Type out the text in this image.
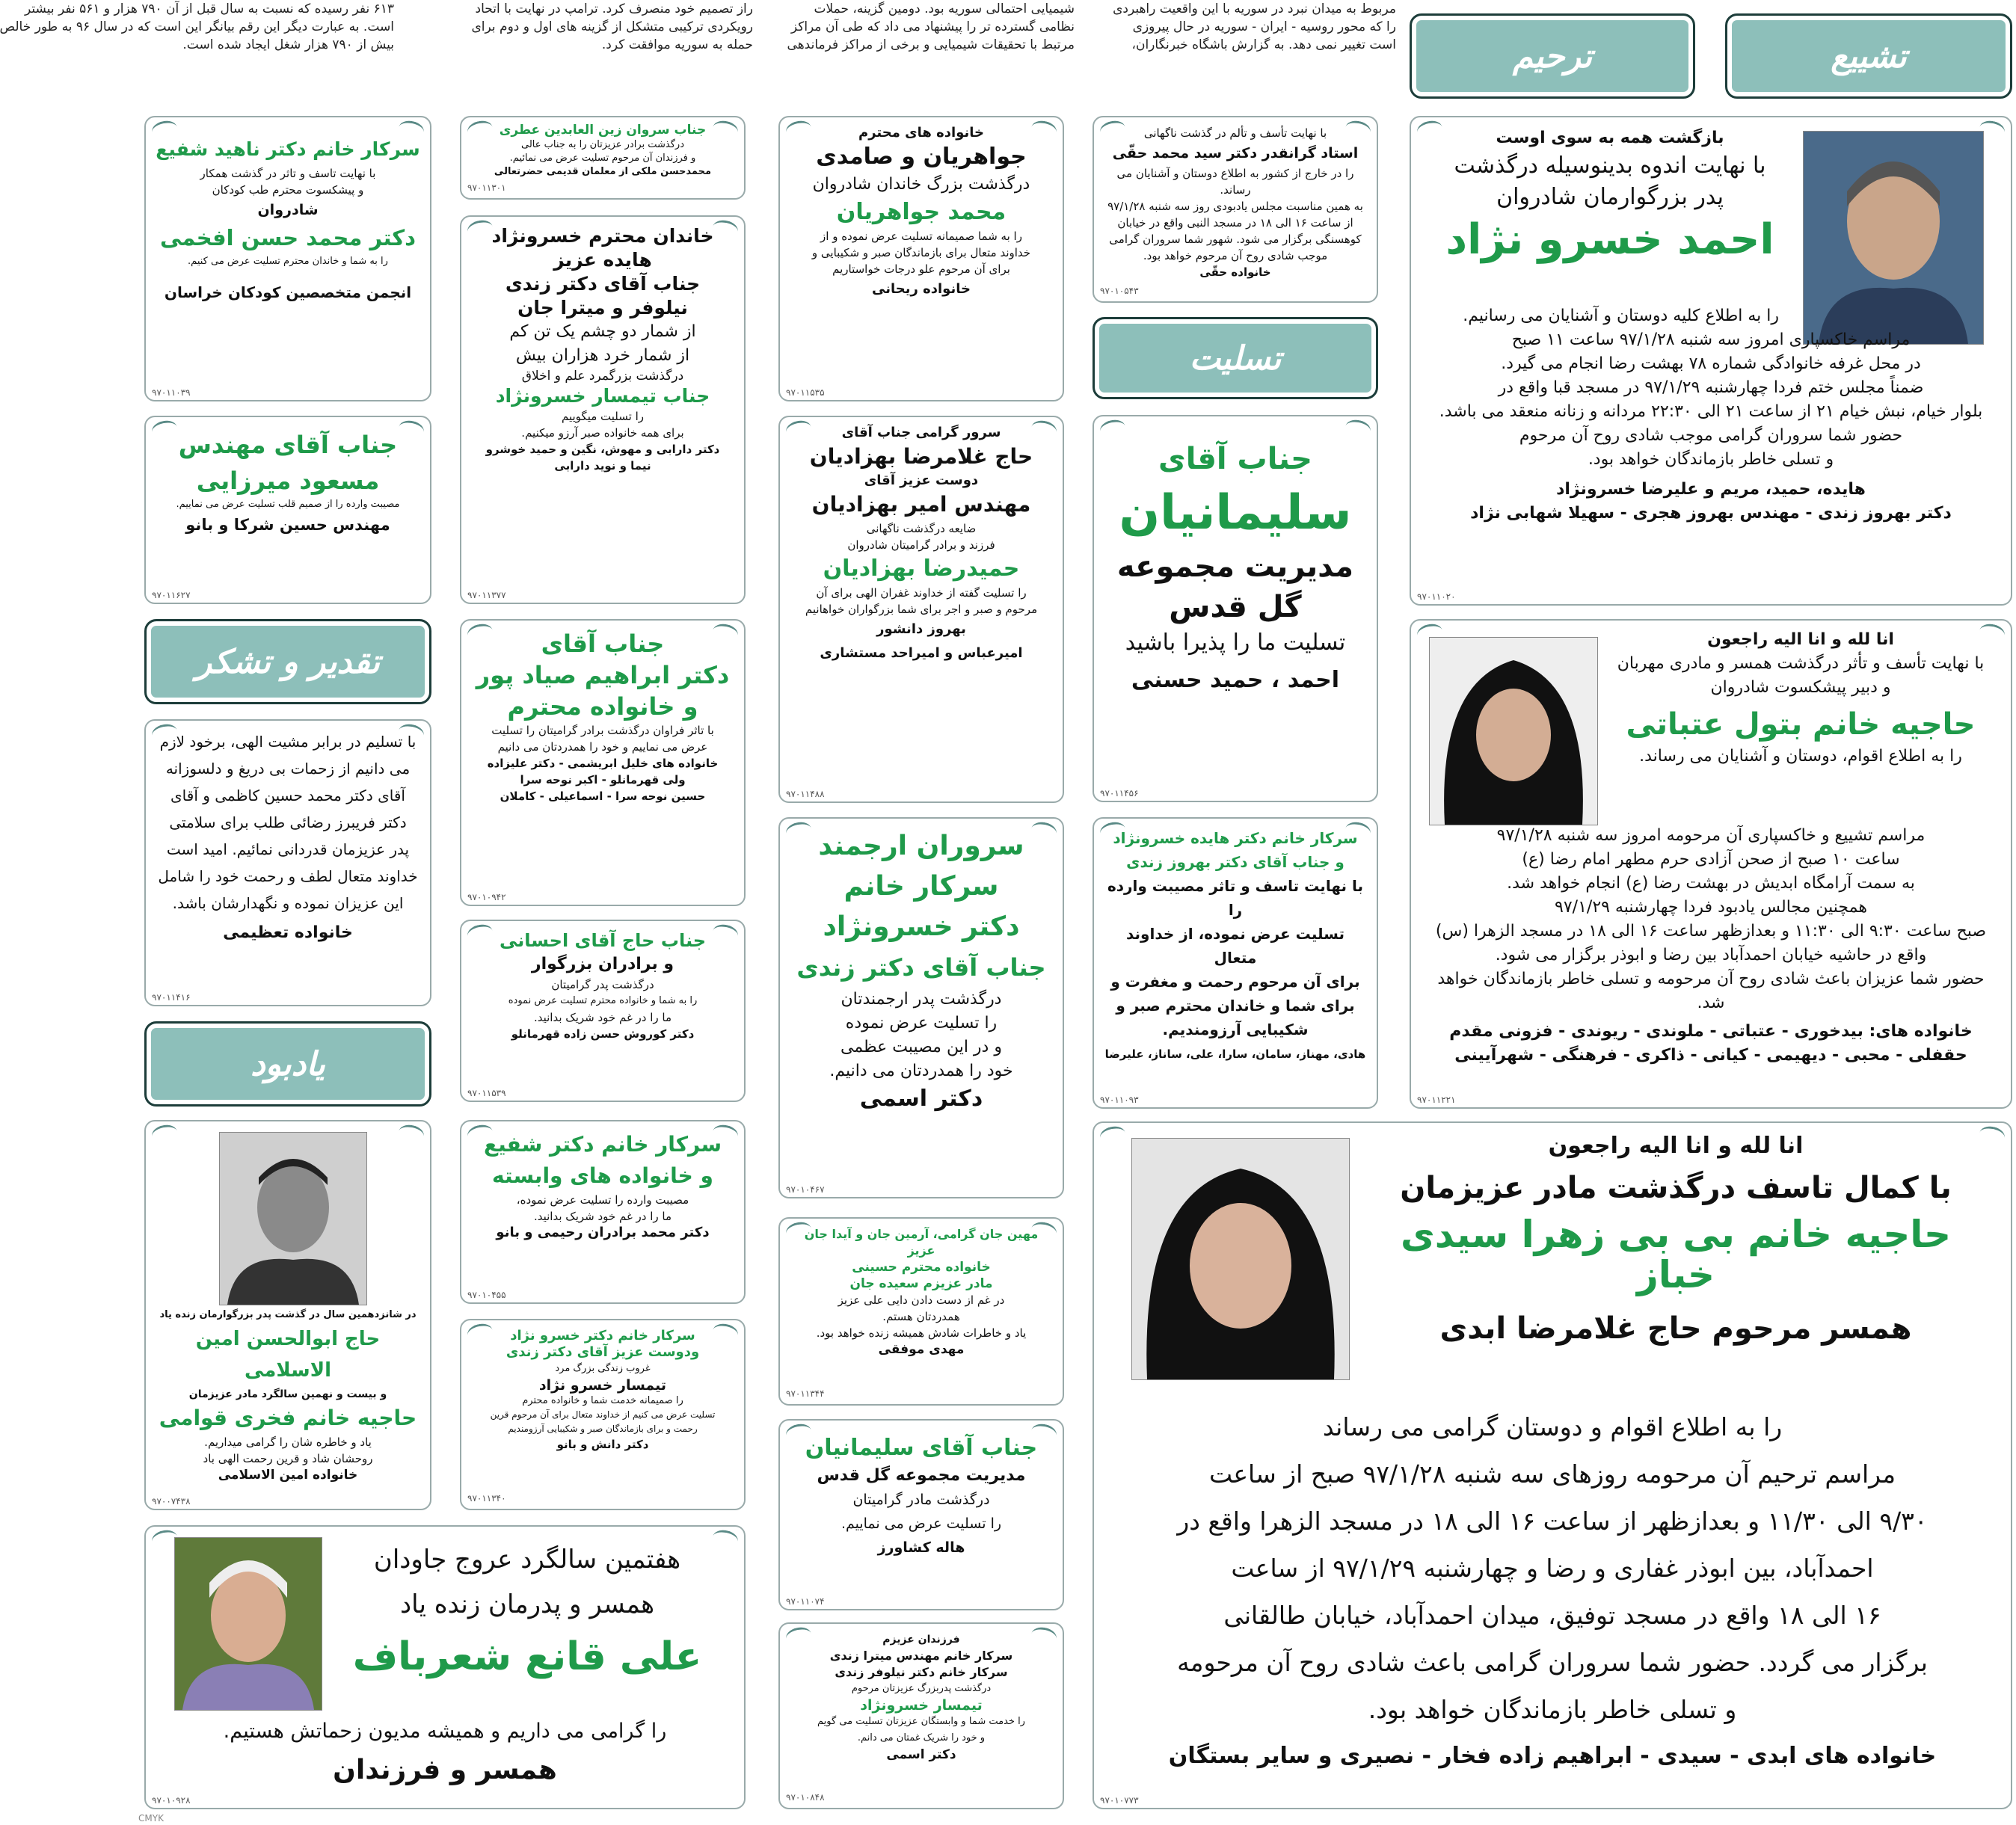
۶۱۳ نفر رسیده که نسبت به سال قبل از آن ۷۹۰ هزار و ۵۶۱ نفر بیشتر
است. به عبارت دیگر این رقم بیانگر این است که در سال ۹۶ به طور خالص
بیش از ۷۹۰ هزار شغل ایجاد شده است.
راز تصمیم خود منصرف کرد. ترامپ در نهایت با اتحاد
رویکردی ترکیبی متشکل از گزینه های اول و دوم برای
حمله به سوریه موافقت کرد.
شیمیایی احتمالی سوریه بود. دومین گزینه، حملات
نظامی گسترده تر را پیشنهاد می داد که طی آن مراکز
مرتبط با تحقیقات شیمیایی و برخی از مراکز فرماندهی
مربوط به میدان نبرد در سوریه با این واقعیت راهبردی
را که محور روسیه - ایران - سوریه در حال پیروزی
است تغییر نمی دهد. به گزارش باشگاه خبرنگاران،	تشییع
ترحیم
تسلیت
تقدیر و تشکر
یادبود
بازگشت همه به سوی اوست
با نهایت اندوه بدینوسیله درگذشت
پدر بزرگوارمان شادروان
احمد خسرو نژاد
را به اطلاع کلیه دوستان و آشنایان می رسانیم.
مراسم خاکسپاری امروز سه شنبه ۹۷/۱/۲۸ ساعت ۱۱ صبح
در محل غرفه خانوادگی شماره ۷۸ بهشت رضا انجام می گیرد.
ضمناً مجلس ختم فردا چهارشنبه ۹۷/۱/۲۹ در مسجد قبا واقع در
بلوار خیام، نبش خیام ۲۱ از ساعت ۲۱ الی ۲۲:۳۰ مردانه و زنانه منعقد می باشد.
حضور شما سروران گرامی موجب شادی روح آن مرحوم
و تسلی خاطر بازماندگان خواهد بود.
هایده، حمید، مریم و علیرضا خسرونژاد
دکتر بهروز زندی - مهندس بهروز هجری - سهیلا شهابی نژاد
۹۷۰۱۱۰۲۰
انا لله و انا الیه راجعون
با نهایت تأسف و تأثر درگذشت همسر و مادری مهربان
و دبیر پیشکسوت شادروان
حاجیه خانم بتول عتباتی
را به اطلاع اقوام، دوستان و آشنایان می رساند.
مراسم تشییع و خاکسپاری آن مرحومه امروز سه شنبه ۹۷/۱/۲۸
ساعت ۱۰ صبح از صحن آزادی حرم مطهر امام رضا (ع)
به سمت آرامگاه ابدیش در بهشت رضا (ع) انجام خواهد شد.
همچنین مجالس یادبود فردا چهارشنبه ۹۷/۱/۲۹
صبح ساعت ۹:۳۰ الی ۱۱:۳۰ و بعدازظهر ساعت ۱۶ الی ۱۸ در مسجد الزهرا (س)
واقع در حاشیه خیابان احمدآباد بین رضا و ابوذر برگزار می شود.
حضور شما عزیزان باعث شادی روح آن مرحومه و تسلی خاطر بازماندگان خواهد شد.
خانواده های: بیدخوری - عتباتی - ملوندی - ریوندی - فزونی مقدم
حقفلی - محبی - دیهیمی - کیانی - ذاکری - فرهنگی - شهرآیینی
۹۷۰۱۱۲۲۱
انا لله و انا الیه راجعون
با کمال تاسف درگذشت مادر عزیزمان
حاجیه خانم بی بی زهرا سیدی خباز
همسر مرحوم حاج غلامرضا ابدی
را به اطلاع اقوام و دوستان گرامی می رساند
مراسم ترحیم آن مرحومه روزهای سه شنبه ۹۷/۱/۲۸ صبح از ساعت
۹/۳۰ الی ۱۱/۳۰ و بعدازظهر از ساعت ۱۶ الی ۱۸ در مسجد الزهرا واقع در
احمدآباد، بین ابوذر غفاری و رضا و چهارشنبه ۹۷/۱/۲۹ از ساعت
۱۶ الی ۱۸ واقع در مسجد توفیق، میدان احمدآباد، خیابان طالقانی
برگزار می گردد. حضور شما سروران گرامی باعث شادی روح آن مرحومه
و تسلی خاطر بازماندگان خواهد بود.
خانواده های ابدی - سیدی - ابراهیم زاده فخار - نصیری و سایر بستگان
۹۷۰۱۰۷۷۳
با نهایت تأسف و تألم در گذشت ناگهانی
استاد گرانقدر دکتر سید محمد حقّی
را در خارج از کشور به اطلاع دوستان و آشنایان می رساند.
به همین مناسبت مجلس یادبودی روز سه شنبه ۹۷/۱/۲۸
از ساعت ۱۶ الی ۱۸ در مسجد النبی واقع در خیابان
کوهسنگی برگزار می شود. شهور شما سروران گرامی
موجب شادی روح آن مرحوم خواهد بود.
خانواده حقّی
۹۷۰۱۰۵۴۳
جناب آقای
سلیمانیان
مدیریت مجموعه
گل قدس
تسلیت ما را پذیرا باشید
احمد ، حمید حسنی
۹۷۰۱۱۴۵۶
سرکار خانم دکتر هایده خسرونژاد
و جناب آقای دکتر بهروز زندی
با نهایت تاسف و تاثر مصیبت وارده را
تسلیت عرض نموده، از خداوند متعال
برای آن مرحوم رحمت و مغفرت و
برای شما و خاندان محترم صبر و
شکیبایی آرزومندیم.
هادی، مهناز، سامان، سارا، علی، ساناز، علیرضا
۹۷۰۱۱۰۹۳
خانواده های محترم
جواهریان و صامدی
درگذشت بزرگ خاندان شادروان
محمد جواهریان
را به شما صمیمانه تسلیت عرض نموده و از
خداوند متعال برای بازماندگان صبر و شکیبایی و
برای آن مرحوم علو درجات خواستاریم
خانواده ریحانی
۹۷۰۱۱۵۳۵
سرور گرامی جناب آقای
حاج غلامرضا بهزادیان
دوست عزیز آقای
مهندس امیر بهزادیان
ضایعه درگذشت ناگهانی
فرزند و برادر گرامیتان شادروان
حمیدرضا بهزادیان
را تسلیت گفته از خداوند غفران الهی برای آن
مرحوم و صبر و اجر برای شما بزرگواران خواهانیم
بهروز دانشور
امیرعباس و امیراحد مستشاری
۹۷۰۱۱۴۸۸
سروران ارجمند
سرکار خانم
دکتر خسرونژاد
جناب آقای دکتر زندی
درگذشت پدر ارجمندتان
را تسلیت عرض نموده
و در این مصیبت عظمی
خود را همدردتان می دانیم.
دکتر اسمی
۹۷۰۱۰۴۶۷
مهین جان گرامی، آرمین جان و آیدا جان عزیز
خانواده محترم حسینی
مادر عزیزم سعیده جان
در غم از دست دادن دایی علی عزیز
همدردتان هستم.
یاد و خاطرات شادش همیشه زنده خواهد بود.
مهدی موفقی
۹۷۰۱۱۳۴۴
جناب آقای سلیمانیان
مدیریت مجموعه گل قدس
درگذشت مادر گرامیتان
را تسلیت عرض می نماییم.
هاله کشاورز
۹۷۰۱۱۰۷۴
فرزندان عزیزم
سرکار خانم مهندس میترا زندی
سرکار خانم دکتر نیلوفر زندی
درگذشت پدربزرگ عزیزتان مرحوم
تیمسار خسرونژاد
را خدمت شما و وابستگان عزیزتان تسلیت می گویم
و خود را شریک غمتان می دانم.
دکتر اسمی
۹۷۰۱۰۸۴۸
جناب سروان زین العابدین عطری
درگذشت برادر عزیزتان را به جناب عالی
و فرزندان آن مرحوم تسلیت عرض می نمائیم.
محمدحسن ملکی از معلمان قدیمی حضرتعالی
۹۷۰۱۱۳۰۱
خاندان محترم خسرونژاد
هایده عزیز
جناب آقای دکتر زندی
نیلوفر و میترا جان
از شمار دو چشم یک تن کم
از شمار خرد هزاران بیش
درگذشت بزرگمرد علم و اخلاق
جناب تیمسار خسرونژاد
را تسلیت میگوییم
برای همه خانواده صبر آرزو میکنیم.
دکتر دارابی و مهوش، نگین و حمید خوشرو
نیما و نوید دارابی
۹۷۰۱۱۳۷۷
جناب آقای
دکتر ابراهیم صیاد پور
و خانواده محترم
با تاثر فراوان درگذشت برادر گرامیتان را تسلیت
عرض می نماییم و خود را همدردتان می دانیم
خانواده های خلیل ابریشمی - دکتر علیزاده
ولی قهرمانلو - اکبر نوحه سرا
حسین نوحه سرا - اسماعیلی - کاملان
۹۷۰۱۰۹۴۲
جناب حاج آقای احسانی
و برادران بزرگوار
درگذشت پدر گرامیتان
را به شما و خانواده محترم تسلیت عرض نموده
ما را در غم خود شریک بدانید.
دکتر کوروش حسن زاده قهرمانلو
۹۷۰۱۱۵۳۹
سرکار خانم دکتر شفیع
و خانواده های وابسته
مصیبت وارده را تسلیت عرض نموده،
ما را در غم خود شریک بدانید.
دکتر محمد برادران رحیمی و بانو
۹۷۰۱۰۴۵۵
سرکار خانم دکتر خسرو نژاد
ودوست عزیز آقای دکتر زندی
غروب زندگی بزرگ مرد
تیمسار خسرو نژاد
را صمیمانه خدمت شما و خانواده محترم
تسلیت عرض می کنیم از خداوند متعال برای آن مرحوم قرین
رحمت و برای بازماندگان صبر و شکیبایی آرزومندیم
دکتر دانش و بانو
۹۷۰۱۱۳۴۰
سرکار خانم دکتر ناهید شفیع
با نهایت تاسف و تاثر در گذشت همکار
و پیشکسوت محترم طب کودکان
شادروان
دکتر محمد حسن افخمی
را به شما و خاندان محترم تسلیت عرض می کنیم.
انجمن متخصصین کودکان خراسان
۹۷۰۱۱۰۳۹
جناب آقای مهندس
مسعود میرزایی
مصیبت وارده را از صمیم قلب تسلیت عرض می نماییم.
مهندس حسین شرکا و بانو
۹۷۰۱۱۶۲۷
با تسلیم در برابر مشیت الهی، برخود لازم
می دانیم از زحمات بی دریغ و دلسوزانه
آقای دکتر محمد حسین کاظمی و آقای
دکتر فریبرز رضائی طلب برای سلامتی
پدر عزیزمان قدردانی نمائیم. امید است
خداوند متعال لطف و رحمت خود را شامل
این عزیزان نموده و نگهدارشان باشد.
خانواده تعظیمی
۹۷۰۱۱۴۱۶
در شانزدهمین سال در گذشت پدر بزرگوارمان زنده یاد
حاج ابوالحسن امین الاسلامی
و بیست و نهمین سالگرد مادر عزیزمان
حاجیه خانم فخری قوامی
یاد و خاطره شان را گرامی میداریم.
روحشان شاد و قرین رحمت الهی باد
خانواده امین الاسلامی
۹۷۰۰۷۴۳۸
هفتمین سالگرد عروج جاودان
همسر و پدرمان زنده یاد
علی قانع شعرباف
را گرامی می داریم و همیشه مدیون زحماتش هستیم.
همسر و فرزندان
۹۷۰۱۰۹۲۸
CMYK
